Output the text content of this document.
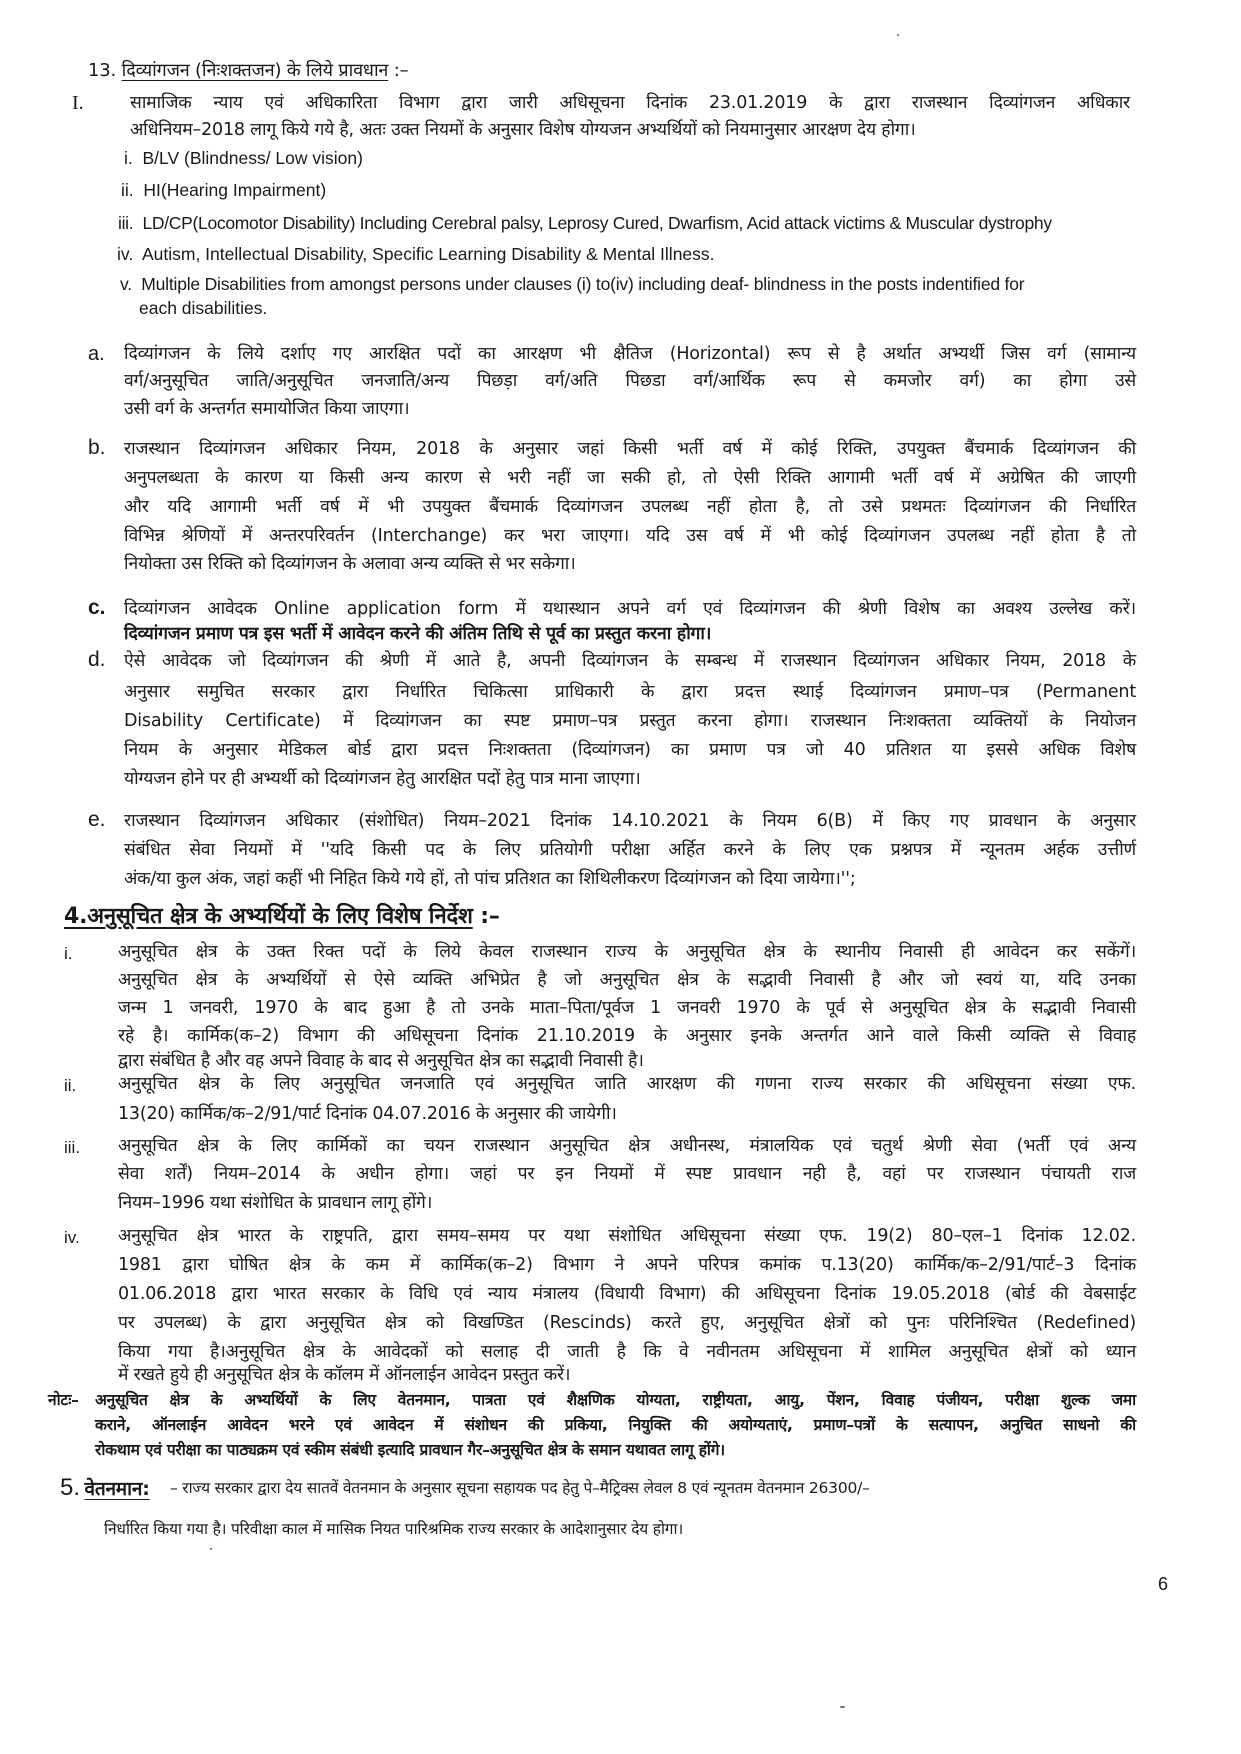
13. दिव्यांगजन (निःशक्तजन) के लिये प्रावधान :–
I.	सामाजिक न्याय एवं अधिकारिता विभाग द्वारा जारी अधिसूचना दिनांक 23.01.2019 के द्वारा राजस्थान दिव्यांगजन अधिकार
अधिनियम–2018 लागू किये गये है, अतः उक्त नियमों के अनुसार विशेष योग्यजन अभ्यर्थियों को नियमानुसार आरक्षण देय होगा।
i. B/LV (Blindness/ Low vision)
ii. HI(Hearing Impairment)
iii. LD/CP(Locomotor Disability) Including Cerebral palsy, Leprosy Cured, Dwarfism, Acid attack victims & Muscular dystrophy
iv. Autism, Intellectual Disability, Specific Learning Disability & Mental Illness.
v. Multiple Disabilities from amongst persons under clauses (i) to(iv) including deaf- blindness in the posts indentified for
each disabilities.
a. दिव्यांगजन के लिये दर्शाए गए आरक्षित पदों का आरक्षण भी क्षैतिज (Horizontal) रूप से है अर्थात अभ्यर्थी जिस वर्ग (सामान्य
वर्ग/अनुसूचित जाति/अनुसूचित जनजाति/अन्य पिछड़ा वर्ग/अति पिछडा वर्ग/आर्थिक रूप से कमजोर वर्ग) का होगा उसे
उसी वर्ग के अन्तर्गत समायोजित किया जाएगा।
b. राजस्थान दिव्यांगजन अधिकार नियम, 2018 के अनुसार जहां किसी भर्ती वर्ष में कोई रिक्ति, उपयुक्त बैंचमार्क दिव्यांगजन की
अनुपलब्धता के कारण या किसी अन्य कारण से भरी नहीं जा सकी हो, तो ऐसी रिक्ति आगामी भर्ती वर्ष में अग्रेषित की जाएगी
और यदि आगामी भर्ती वर्ष में भी उपयुक्त बैंचमार्क दिव्यांगजन उपलब्ध नहीं होता है, तो उसे प्रथमतः दिव्यांगजन की निर्धारित
विभिन्न श्रेणियों में अन्तरपरिवर्तन (Interchange) कर भरा जाएगा। यदि उस वर्ष में भी कोई दिव्यांगजन उपलब्ध नहीं होता है तो
नियोक्ता उस रिक्ति को दिव्यांगजन के अलावा अन्य व्यक्ति से भर सकेगा।
c. दिव्यांगजन आवेदक Online application form में यथास्थान अपने वर्ग एवं दिव्यांगजन की श्रेणी विशेष का अवश्य उल्लेख करें।
दिव्यांगजन प्रमाण पत्र इस भर्ती में आवेदन करने की अंतिम तिथि से पूर्व का प्रस्तुत करना होगा।
d. ऐसे आवेदक जो दिव्यांगजन की श्रेणी में आते है, अपनी दिव्यांगजन के सम्बन्ध में राजस्थान दिव्यांगजन अधिकार नियम, 2018 के
अनुसार समुचित सरकार द्वारा निर्धारित चिकित्सा प्राधिकारी के द्वारा प्रदत्त स्थाई दिव्यांगजन प्रमाण–पत्र (Permanent
Disability Certificate) में दिव्यांगजन का स्पष्ट प्रमाण–पत्र प्रस्तुत करना होगा। राजस्थान निःशक्तता व्यक्तियों के नियोजन
नियम के अनुसार मेडिकल बोर्ड द्वारा प्रदत्त निःशक्तता (दिव्यांगजन) का प्रमाण पत्र जो 40 प्रतिशत या इससे अधिक विशेष
योग्यजन होने पर ही अभ्यर्थी को दिव्यांगजन हेतु आरक्षित पदों हेतु पात्र माना जाएगा।
e. राजस्थान दिव्यांगजन अधिकार (संशोधित) नियम–2021 दिनांक 14.10.2021 के नियम 6(B) में किए गए प्रावधान के अनुसार
संबंधित सेवा नियमों में ''यदि किसी पद के लिए प्रतियोगी परीक्षा अर्हित करने के लिए एक प्रश्नपत्र में न्यूनतम अर्हक उत्तीर्ण
अंक/या कुल अंक, जहां कहीं भी निहित किये गये हों, तो पांच प्रतिशत का शिथिलीकरण दिव्यांगजन को दिया जायेगा।'';
4.अनुसूचित क्षेत्र के अभ्यर्थियों के लिए विशेष निर्देश :–
i.	अनुसूचित क्षेत्र के उक्त रिक्त पदों के लिये केवल राजस्थान राज्य के अनुसूचित क्षेत्र के स्थानीय निवासी ही आवेदन कर सकेंगें।
अनुसूचित क्षेत्र के अभ्यर्थियों से ऐसे व्यक्ति अभिप्रेत है जो अनुसूचित क्षेत्र के सद्भावी निवासी है और जो स्वयं या, यदि उनका
जन्म 1 जनवरी, 1970 के बाद हुआ है तो उनके माता–पिता/पूर्वज 1 जनवरी 1970 के पूर्व से अनुसूचित क्षेत्र के सद्भावी निवासी
रहे है। कार्मिक(क–2) विभाग की अधिसूचना दिनांक 21.10.2019 के अनुसार इनके अन्तर्गत आने वाले किसी व्यक्ति से विवाह
द्वारा संबंधित है और वह अपने विवाह के बाद से अनुसूचित क्षेत्र का सद्भावी निवासी है।
ii. अनुसूचित क्षेत्र के लिए अनुसूचित जनजाति एवं अनुसूचित जाति आरक्षण की गणना राज्य सरकार की अधिसूचना संख्या एफ.
13(20) कार्मिक/क–2/91/पार्ट दिनांक 04.07.2016 के अनुसार की जायेगी।
iii. अनुसूचित क्षेत्र के लिए कार्मिकों का चयन राजस्थान अनुसूचित क्षेत्र अधीनस्थ, मंत्रालयिक एवं चतुर्थ श्रेणी सेवा (भर्ती एवं अन्य
सेवा शर्तें) नियम–2014 के अधीन होगा। जहां पर इन नियमों में स्पष्ट प्रावधान नही है, वहां पर राजस्थान पंचायती राज
नियम–1996 यथा संशोधित के प्रावधान लागू होंगे।
iv. अनुसूचित क्षेत्र भारत के राष्ट्रपति, द्वारा समय–समय पर यथा संशोधित अधिसूचना संख्या एफ. 19(2) 80–एल–1 दिनांक 12.02.
1981 द्वारा घोषित क्षेत्र के कम में कार्मिक(क–2) विभाग ने अपने परिपत्र कमांक प.13(20) कार्मिक/क–2/91/पार्ट–3 दिनांक
01.06.2018 द्वारा भारत सरकार के विधि एवं न्याय मंत्रालय (विधायी विभाग) की अधिसूचना दिनांक 19.05.2018 (बोर्ड की वेबसाईट
पर उपलब्ध) के द्वारा अनुसूचित क्षेत्र को विखण्डित (Rescinds) करते हुए, अनुसूचित क्षेत्रों को पुनः परिनिश्चित (Redefined)
किया गया है।अनुसूचित क्षेत्र के आवेदकों को सलाह दी जाती है कि वे नवीनतम अधिसूचना में शामिल अनुसूचित क्षेत्रों को ध्यान
में रखते हुये ही अनुसूचित क्षेत्र के कॉलम में ऑनलाईन आवेदन प्रस्तुत करें।
नोटः– अनुसूचित क्षेत्र के अभ्यर्थियों के लिए वेतनमान, पात्रता एवं शैक्षणिक योग्यता, राष्ट्रीयता, आयु, पेंशन, विवाह पंजीयन, परीक्षा शुल्क जमा
कराने, ऑनलाईन आवेदन भरने एवं आवेदन में संशोधन की प्रकिया, नियुक्ति की अयोग्यताएं, प्रमाण–पत्रों के सत्यापन, अनुचित साधनो की
रोकथाम एवं परीक्षा का पाठ्यक्रम एवं स्कीम संबंधी इत्यादि प्रावधान गैर–अनुसूचित क्षेत्र के समान यथावत लागू होंगे।
5. वेतनमान: – राज्य सरकार द्वारा देय सातवें वेतनमान के अनुसार सूचना सहायक पद हेतु पे–मैट्रिक्स लेवल 8 एवं न्यूनतम वेतनमान 26300/–
निर्धारित किया गया है। परिवीक्षा काल में मासिक नियत पारिश्रमिक राज्य सरकार के आदेशानुसार देय होगा।
6
